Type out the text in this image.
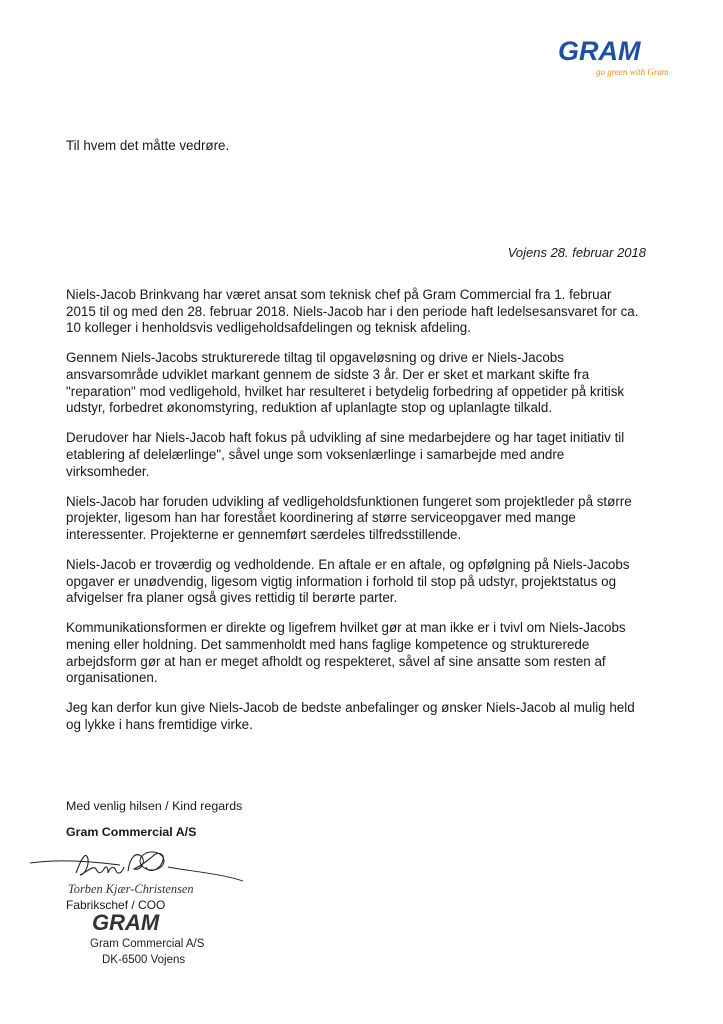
GRAM
go green with Gram

Til hvem det måtte vedrøre.

Vojens 28. februar 2018

Niels-Jacob Brinkvang har været ansat som teknisk chef på Gram Commercial fra 1. februar 2015 til og med den 28. februar 2018. Niels-Jacob har i den periode haft ledelsesansvaret for ca. 10 kolleger i henholdsvis vedligeholdsafdelingen og teknisk afdeling.

Gennem Niels-Jacobs strukturerede tiltag til opgaveløsning og drive er Niels-Jacobs ansvarsområde udviklet markant gennem de sidste 3 år. Der er sket et markant skifte fra "reparation" mod vedligehold, hvilket har resulteret i betydelig forbedring af oppetider på kritisk udstyr, forbedret økonomstyring, reduktion af uplanlagte stop og uplanlagte tilkald.

Derudover har Niels-Jacob haft fokus på udvikling af sine medarbejdere og har taget initiativ til etablering af delelærlinge", såvel unge som voksenlærlinge i samarbejde med andre virksomheder.

Niels-Jacob har foruden udvikling af vedligeholdsfunktionen fungeret som projektleder på større projekter, ligesom han har forestået koordinering af større serviceopgaver med mange interessenter. Projekterne er gennemført særdeles tilfredsstillende.

Niels-Jacob er troværdig og vedholdende. En aftale er en aftale, og opfølgning på Niels-Jacobs opgaver er unødvendig, ligesom vigtig information i forhold til stop på udstyr, projektstatus og afvigelser fra planer også gives rettidig til berørte parter.

Kommunikationsformen er direkte og ligefrem hvilket gør at man ikke er i tvivl om Niels-Jacobs mening eller holdning. Det sammenholdt med hans faglige kompetence og strukturerede arbejdsform gør at han er meget afholdt og respekteret, såvel af sine ansatte som resten af organisationen.

Jeg kan derfor kun give Niels-Jacob de bedste anbefalinger og ønsker Niels-Jacob al mulig held og lykke i hans fremtidige virke.

Med venlig hilsen / Kind regards

Gram Commercial A/S

Torben Kjær-Christensen

Fabrikschef / COO

GRAM

Gram Commercial A/S

DK-6500 Vojens
